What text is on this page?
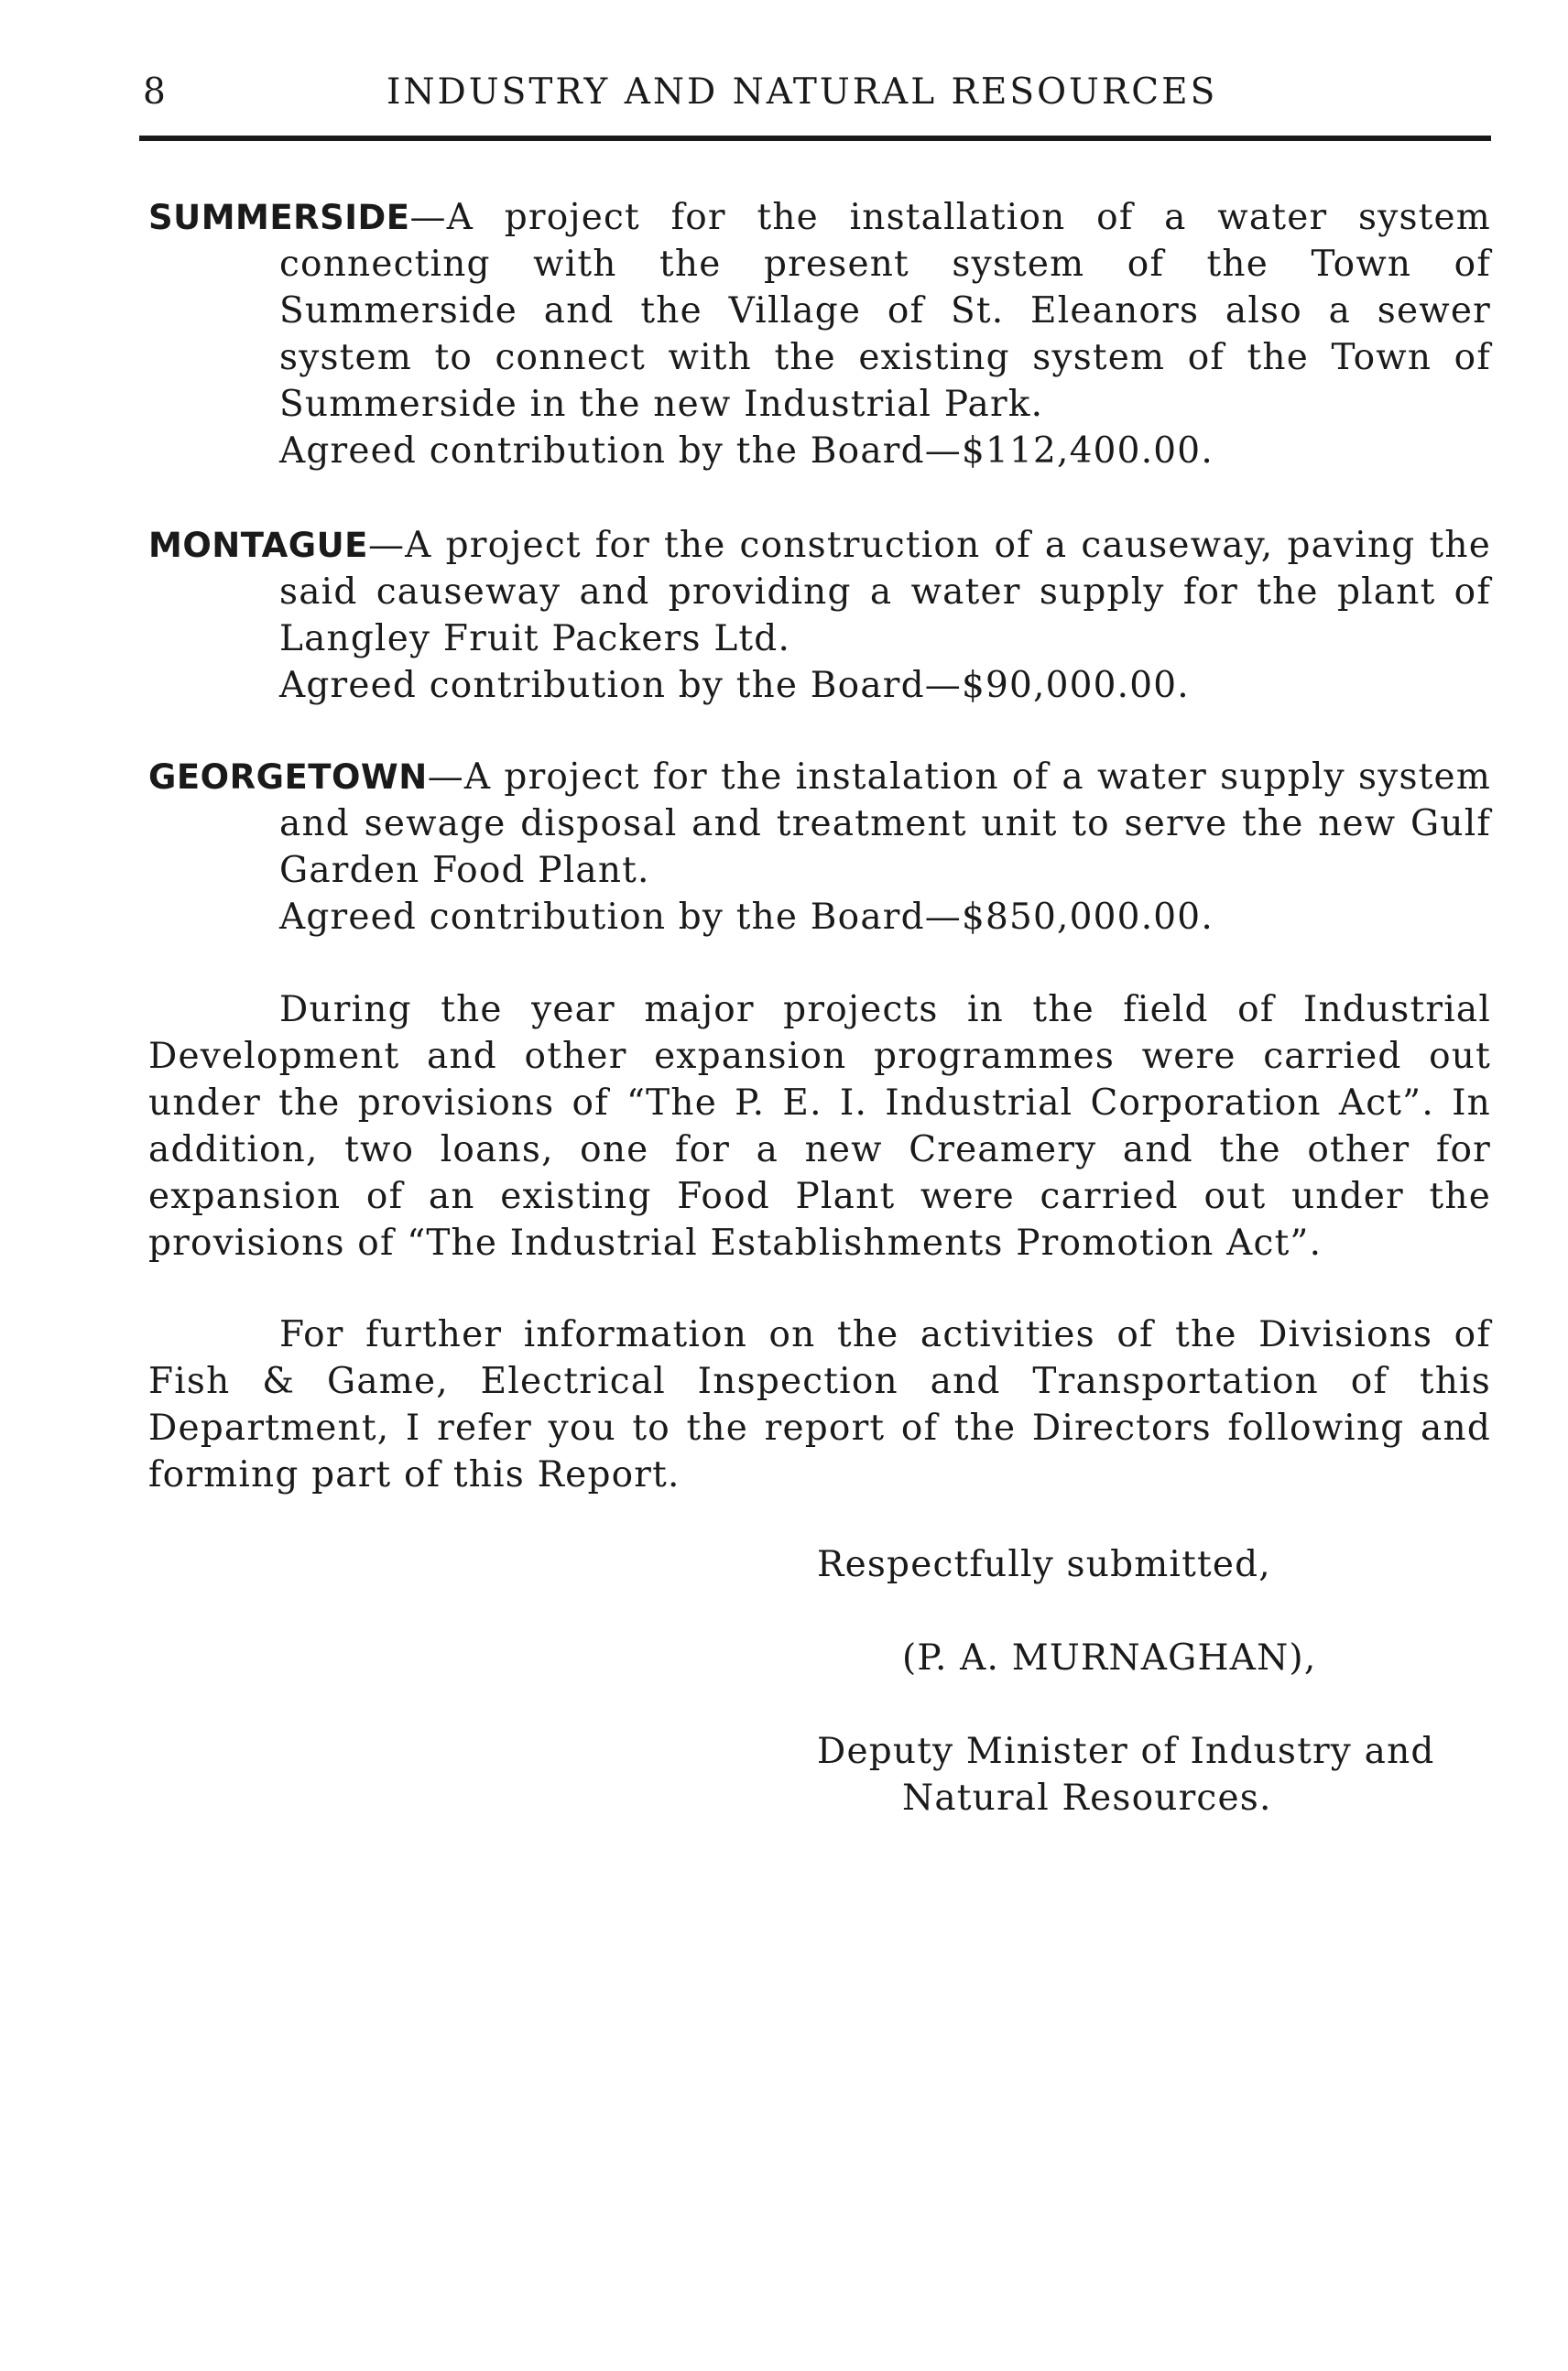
8	INDUSTRY AND NATURAL RESOURCES
SUMMERSIDE—A project for the installation of a water system connecting with the present system of the Town of Summerside and the Village of St. Eleanors also a sewer system to connect with the existing system of the Town of Summerside in the new Industrial Park.
Agreed contribution by the Board—$112,400.00.
MONTAGUE—A project for the construction of a causeway, paving the said causeway and providing a water supply for the plant of Langley Fruit Packers Ltd.
Agreed contribution by the Board—$90,000.00.
GEORGETOWN—A project for the instalation of a water supply system and sewage disposal and treatment unit to serve the new Gulf Garden Food Plant.
Agreed contribution by the Board—$850,000.00.
During the year major projects in the field of Industrial Development and other expansion programmes were carried out under the provisions of “The P. E. I. Industrial Corporation Act”. In addition, two loans, one for a new Creamery and the other for expansion of an existing Food Plant were carried out under the provisions of “The Industrial Establishments Promotion Act”.
For further information on the activities of the Divisions of Fish & Game, Electrical Inspection and Transportation of this Department, I refer you to the report of the Directors following and forming part of this Report.
Respectfully submitted,
(P. A. MURNAGHAN),
Deputy Minister of Industry and
Natural Resources.
